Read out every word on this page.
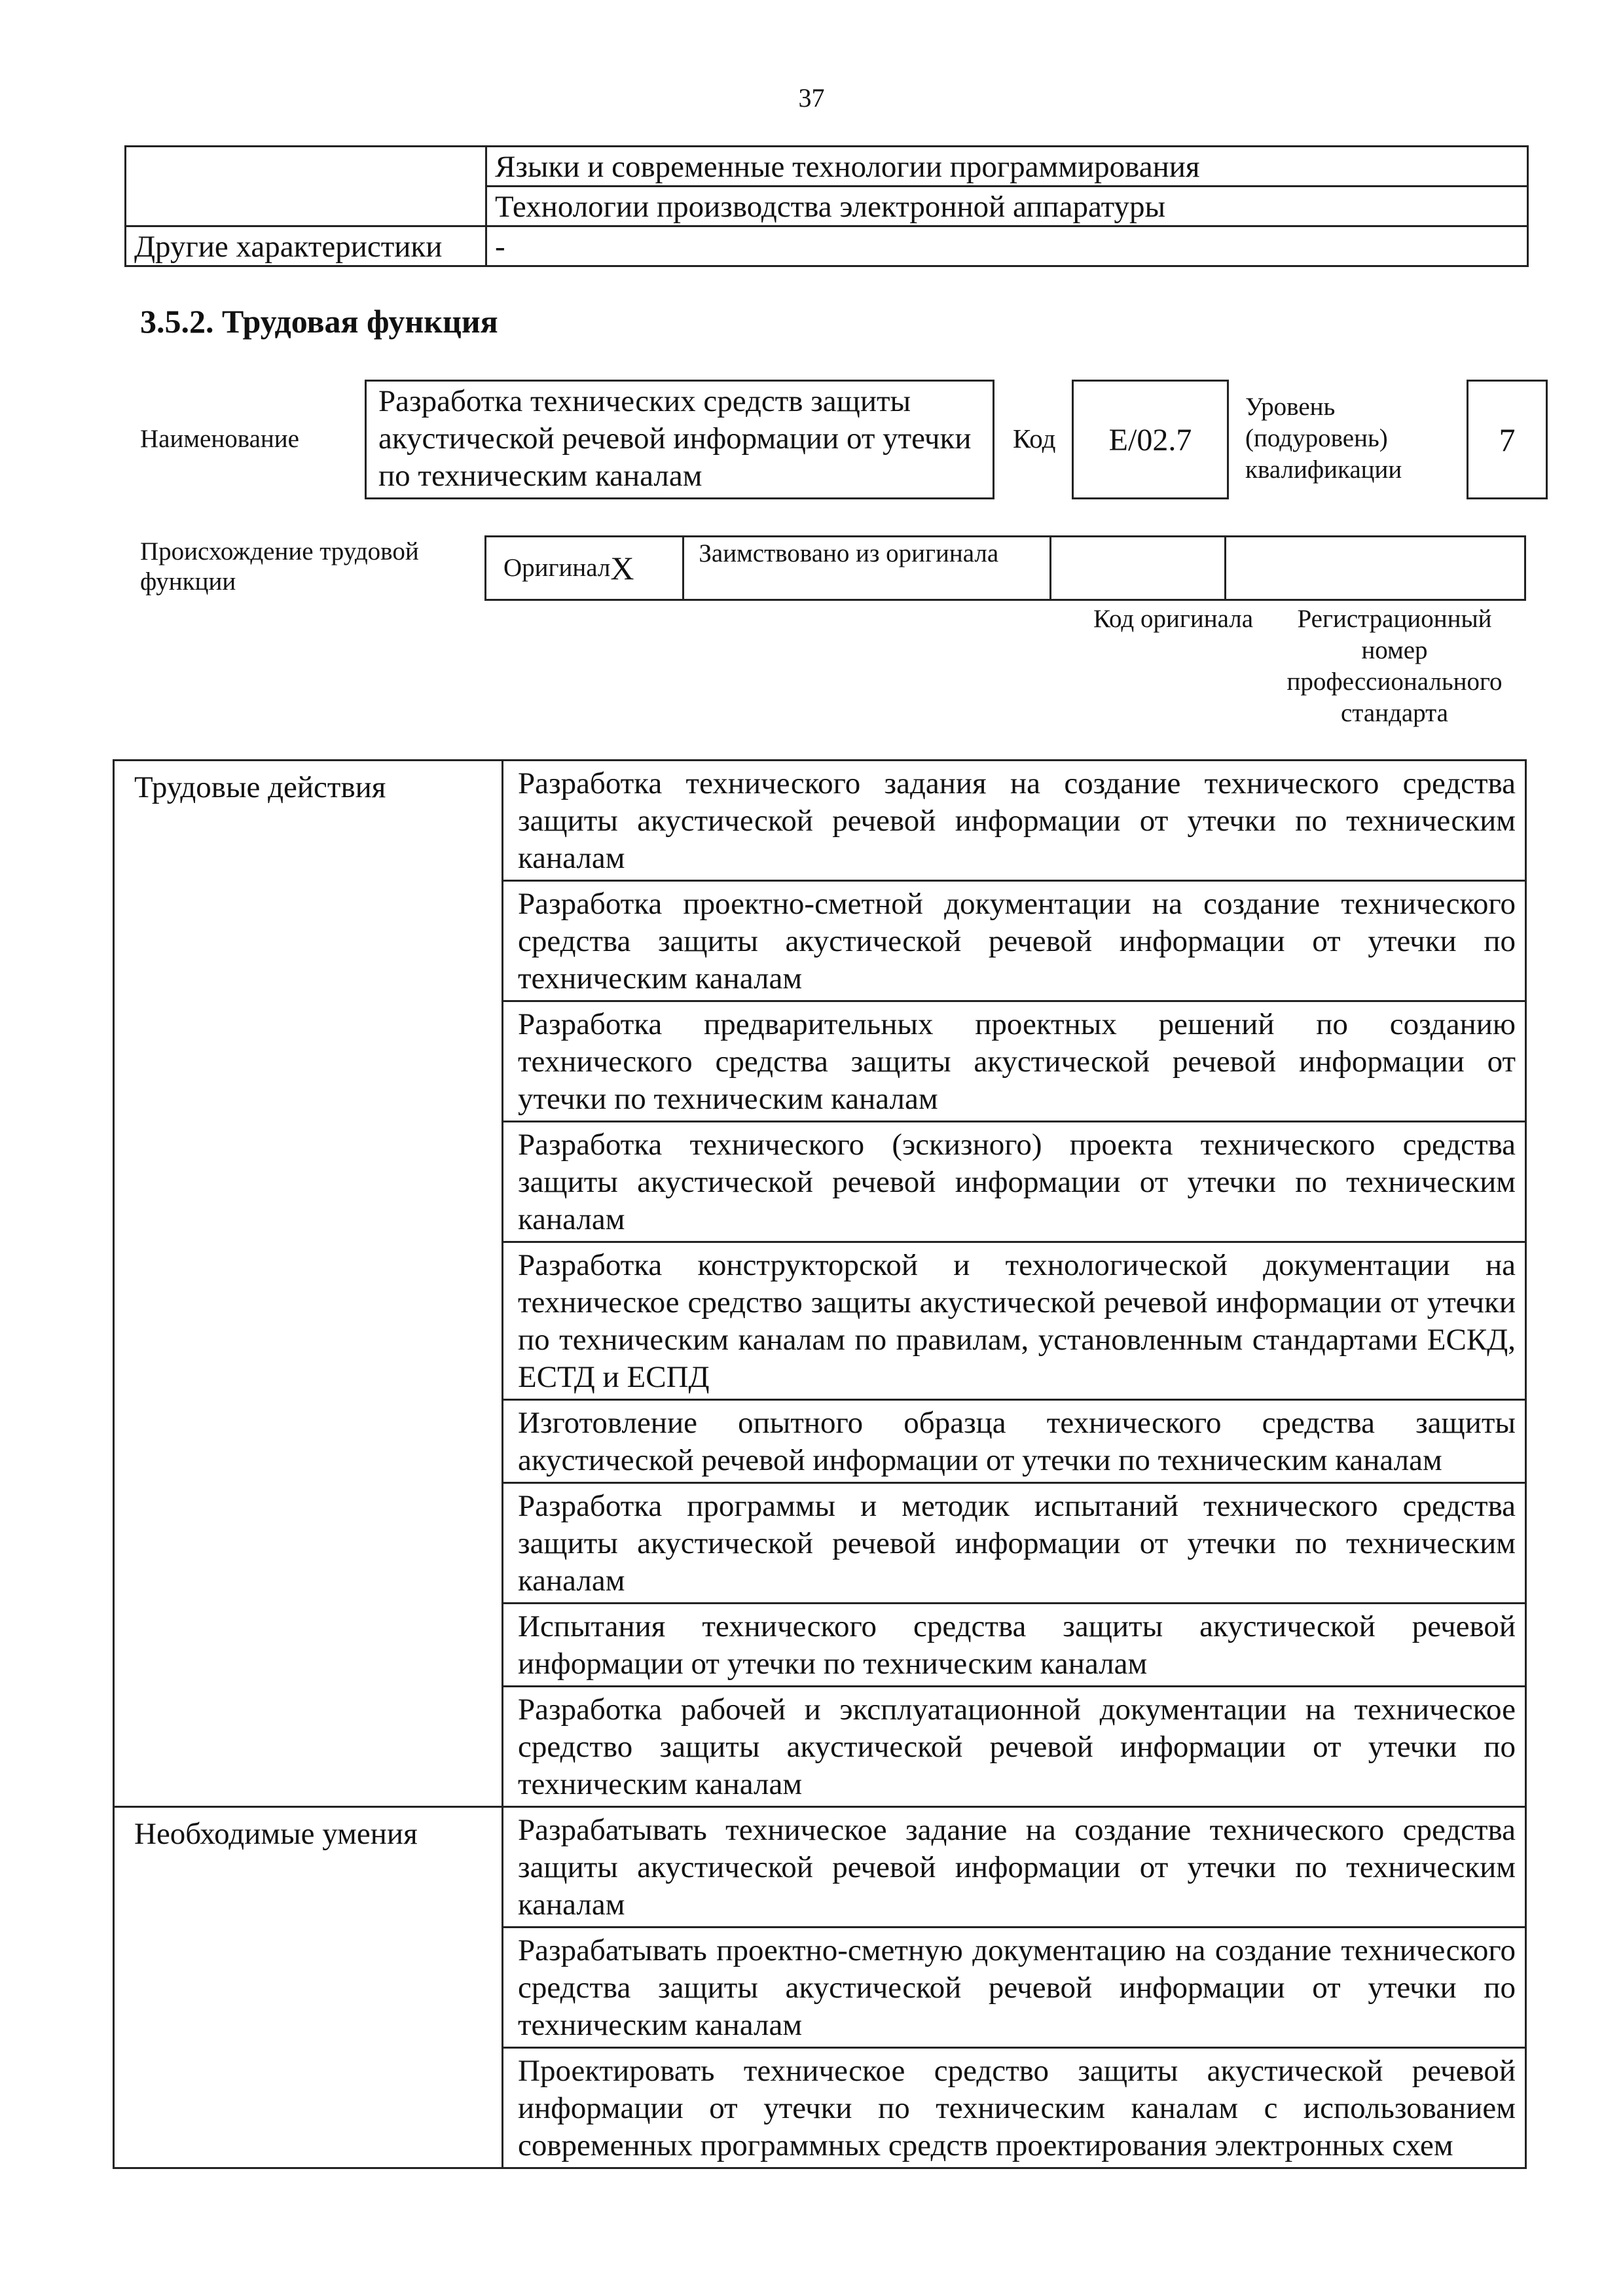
37
	Языки и современные технологии программирования
	Технологии производства электронной аппаратуры
Другие характеристики	-
3.5.2. Трудовая функция
Наименование
Разработка технических средств защиты акустической речевой информации от утечки по техническим каналам
Код	E/02.7
Уровень (подуровень) квалификации
7
Происхождение трудовой функции	Оригинал	X	Заимствовано из оригинала		
Код оригинала	Регистрационный номер профессионального стандарта
Трудовые действия	Разработка технического задания на создание технического средства защиты акустической речевой информации от утечки по техническим каналам
	Разработка проектно-сметной документации на создание технического средства защиты акустической речевой информации от утечки по техническим каналам
	Разработка предварительных проектных решений по созданию технического средства защиты акустической речевой информации от утечки по техническим каналам
	Разработка технического (эскизного) проекта технического средства защиты акустической речевой информации от утечки по техническим каналам
	Разработка конструкторской и технологической документации на техническое средство защиты акустической речевой информации от утечки по техническим каналам по правилам, установленным стандартами ЕСКД, ЕСТД и ЕСПД
	Изготовление опытного образца технического средства защиты акустической речевой информации от утечки по техническим каналам
	Разработка программы и методик испытаний технического средства защиты акустической речевой информации от утечки по техническим каналам
	Испытания технического средства защиты акустической речевой информации от утечки по техническим каналам
	Разработка рабочей и эксплуатационной документации на техническое средство защиты акустической речевой информации от утечки по техническим каналам
Необходимые умения	Разрабатывать техническое задание на создание технического средства защиты акустической речевой информации от утечки по техническим каналам
	Разрабатывать проектно-сметную документацию на создание технического средства защиты акустической речевой информации от утечки по техническим каналам
	Проектировать техническое средство защиты акустической речевой информации от утечки по техническим каналам с использованием современных программных средств проектирования электронных схем
